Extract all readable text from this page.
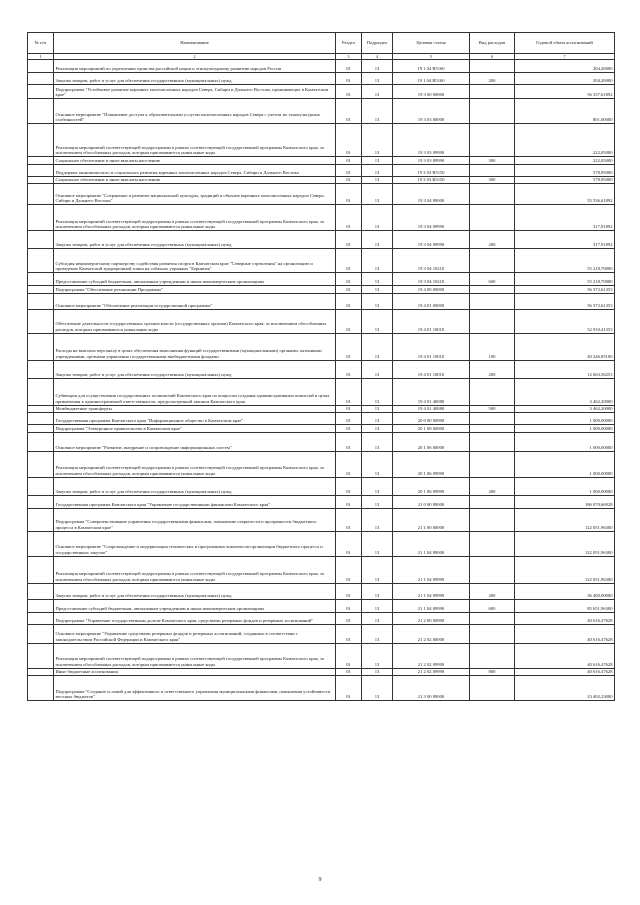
№ п/п	Наименование	Раздел	Подраздел	Целевая статья	Вид расходов	Годовой объем ассигнований
1	2	3	4	5	6	7
	Реализация мероприятий по укреплению единства российской нации и этнокультурному развитию народов России	01	13	19 1 04 R5160		204,20000
	Закупка товаров, работ и услуг для обеспечения государственных (муниципальных) нужд	01	13	19 1 04 R5160	200	204,20000
	Подпрограмма "Устойчивое развитие коренных малочисленных народов Севера, Сибири и Дальнего Востока, проживающих в Камчатском крае"	01	13	19 3 00 00000		56 337,61892
	Основное мероприятие "Повышение доступа к образовательным услугам малочисленных народов Севера с учетом их этнокультурных особенностей"	01	13	19 3 03 00000		801,00000
	Реализация мероприятий соответствующей подпрограммы в рамках соответствующей государственной программы Камчатского края, за исключением обособленных расходов, которым присваиваются уникальные коды	01	13	19 3 03 09990		222,05000
	Социальное обеспечение и иные выплаты населению	01	13	19 3 03 09990	300	222,05000
	Поддержка экономического и социального развития коренных малочисленных народов Севера, Сибири и Дальнего Востока	01	13	19 3 03 R5150		578,95000
	Социальное обеспечение и иные выплаты населению	01	13	19 3 03 R5150	300	578,95000
	Основное мероприятие "Сохранение и развитие национальной культуры, традиций и обычаев коренных малочисленных народов Севера, Сибири и Дальнего Востока"	01	13	19 3 04 00000		55 536,61892
	Реализация мероприятий соответствующей подпрограммы в рамках соответствующей государственной программы Камчатского края, за исключением обособленных расходов, которым присваиваются уникальные коды	01	13	19 3 04 09990		317,91892
	Закупка товаров, работ и услуг для обеспечения государственных (муниципальных) нужд	01	13	19 3 04 09990	200	317,91892
	Субсидия некоммерческому партнерству содействия развития спорта в Камчатском крае "Северные стремления" на организацию и проведение Камчатской традиционной гонки на собачьих упряжках "Берингия"	01	13	19 3 04 10210		55 218,70000
	Предоставление субсидий бюджетным, автономным учреждениям и иным некоммерческим организациям	01	13	19 3 04 10210	600	55 218,70000
	Подпрограмма "Обеспечение реализации Программы"	01	13	19 4 00 00000		56 372,61353
	Основное мероприятие "Обеспечение реализации государственной программы"	01	13	19 4 01 00000		56 372,61353
	Обеспечение деятельности государственных органов власти (государственных органов) Камчатского края, за исключением обособленных расходов, которым присваиваются уникальные коды	01	13	19 4 01 10010		52 910,41353
	Расходы на выплаты персоналу в целях обеспечения выполнения функций государственными (муниципальными) органами, казенными учреждениями, органами управления государственными внебюджетными фондами	01	13	19 4 01 10010	100	40 246,85100
	Закупка товаров, работ и услуг для обеспечения государственных (муниципальных) нужд	01	13	19 4 01 10010	200	12 663,56253
	Субвенции для осуществления государственных полномочий Камчатского края по вопросам создания административных комиссий в целях привлечения к административной ответственности, предусмотренной законом Камчатского края	01	13	19 4 01 40080		3 462,20000
	Межбюджетные трансферты	01	13	19 4 01 40080	500	3 462,20000
	Государственная программа Камчатского края "Информационное общество в Камчатском крае"	01	13	20 0 00 00000		1 000,00000
	Подпрограмма "Электронное правительство в Камчатском крае"	01	13	20 1 00 00000		1 000,00000
	Основное мероприятие "Развитие, внедрение и сопровождение информационных систем"	01	13	20 1 06 00000		1 000,00000
	Реализация мероприятий соответствующей подпрограммы в рамках соответствующей государственной программы Камчатского края, за исключением обособленных расходов, которым присваиваются уникальные коды	01	13	20 1 06 09990		1 000,00000
	Закупка товаров, работ и услуг для обеспечения государственных (муниципальных) нужд	01	13	20 1 06 09990	200	1 000,00000
	Государственная программа Камчатского края "Управление государственными финансами Камчатского края"	01	13	21 0 00 00000		186 070,66928
	Подпрограмма "Совершенствование управления государственными финансами, повышение открытости и прозрачности бюджетного процесса в Камчатском крае"	01	13	21 1 00 00000		122 051,96300
	Основное мероприятие "Сопровождение и модернизация технических и программных комплексов-организации бюджетного процесса и государственных закупок"	01	13	21 1 04 00000		122 051,96300
	Реализация мероприятий соответствующей подпрограммы в рамках соответствующей государственной программы Камчатского края, за исключением обособленных расходов, которым присваиваются уникальные коды	01	13	21 1 04 09990		122 051,96300
	Закупка товаров, работ и услуг для обеспечения государственных (муниципальных) нужд	01	13	21 1 04 09990	200	36 400,00000
	Предоставление субсидий бюджетным, автономным учреждениям и иным некоммерческим организациям	01	13	21 1 04 09990	600	85 651,96300
	Подпрограмма "Управление государственным долгом Камчатского края, средствами резервных фондов и резервных ассигнований"	01	13	21 2 00 00000		40 616,47628
	Основное мероприятие "Управление средствами резервных фондов и резервных ассигнований, созданных в соответствии с законодательством Российской Федерации и Камчатского края"	01	13	21 2 02 00000		40 616,47628
	Реализация мероприятий соответствующей подпрограммы в рамках соответствующей государственной программы Камчатского края, за исключением обособленных расходов, которым присваиваются уникальные коды	01	13	21 2 02 09990		40 616,47628
	Иные бюджетные ассигнования	01	13	21 2 02 09990	800	40 616,47628
	Подпрограмма "Создание условий для эффективного и ответственного управления муниципальными финансами, повышения устойчивости местных бюджетов"	01	13	21 3 00 00000		23 402,23000
9
